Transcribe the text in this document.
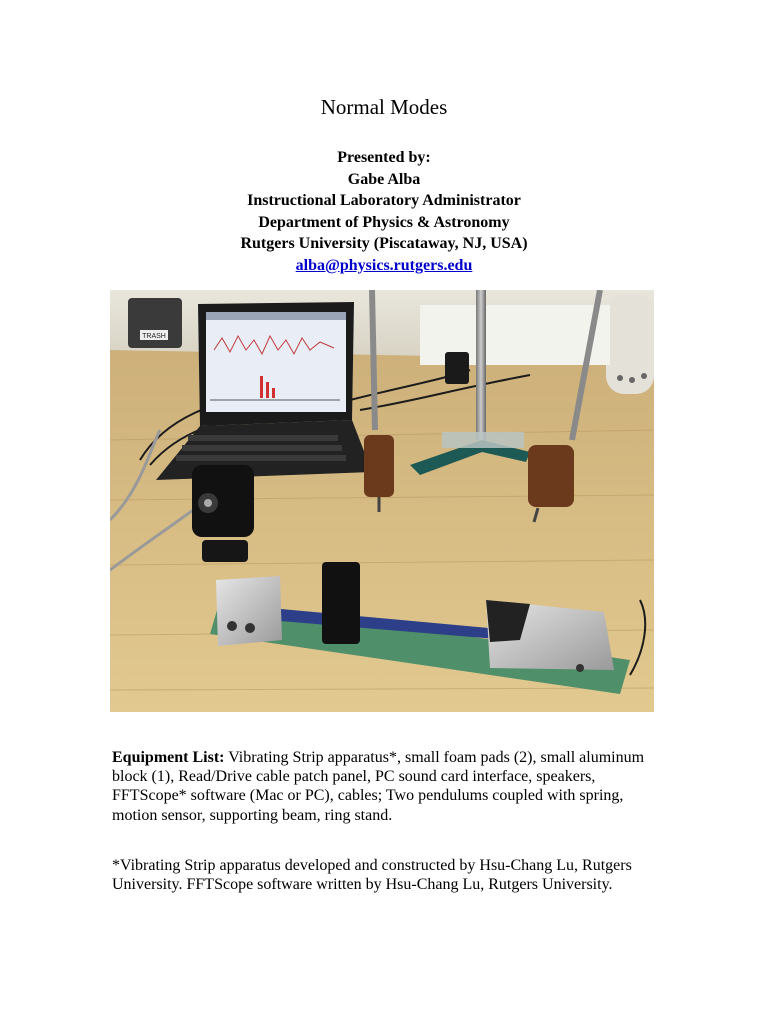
Normal Modes
Presented by:
Gabe Alba
Instructional Laboratory Administrator
Department of Physics & Astronomy
Rutgers University (Piscataway, NJ, USA)
alba@physics.rutgers.edu
TRASH
Equipment List: Vibrating Strip apparatus*, small foam pads (2), small aluminum block (1), Read/Drive cable patch panel, PC sound card interface, speakers, FFTScope* software (Mac or PC), cables; Two pendulums coupled with spring, motion sensor, supporting beam, ring stand.
*Vibrating Strip apparatus developed and constructed by Hsu-Chang Lu, Rutgers University. FFTScope software written by Hsu-Chang Lu, Rutgers University.
